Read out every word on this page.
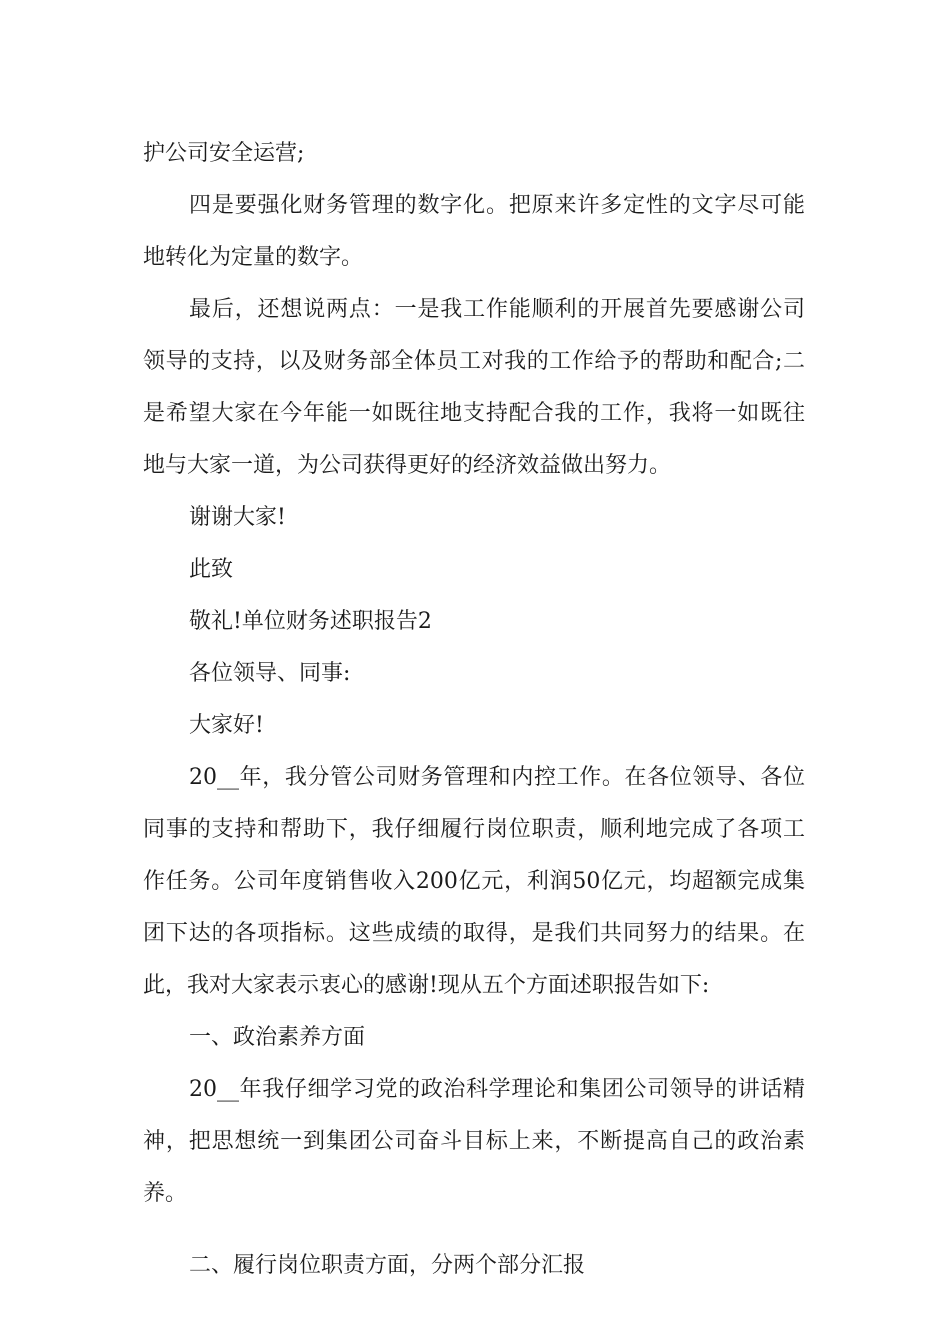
护公司安全运营;
四是要强化财务管理的数字化。把原来许多定性的文字尽可能
地转化为定量的数字。
最后，还想说两点：一是我工作能顺利的开展首先要感谢公司
领导的支持，以及财务部全体员工对我的工作给予的帮助和配合;二
是希望大家在今年能一如既往地支持配合我的工作，我将一如既往
地与大家一道，为公司获得更好的经济效益做出努力。
谢谢大家!
此致
敬礼!单位财务述职报告2
各位领导、同事:
大家好!
20__年，我分管公司财务管理和内控工作。在各位领导、各位
同事的支持和帮助下，我仔细履行岗位职责，顺利地完成了各项工
作任务。公司年度销售收入200亿元，利润50亿元，均超额完成集
团下达的各项指标。这些成绩的取得，是我们共同努力的结果。在
此，我对大家表示衷心的感谢!现从五个方面述职报告如下:
一、政治素养方面
20__年我仔细学习党的政治科学理论和集团公司领导的讲话精
神，把思想统一到集团公司奋斗目标上来，不断提高自己的政治素
养。
二、履行岗位职责方面，分两个部分汇报
